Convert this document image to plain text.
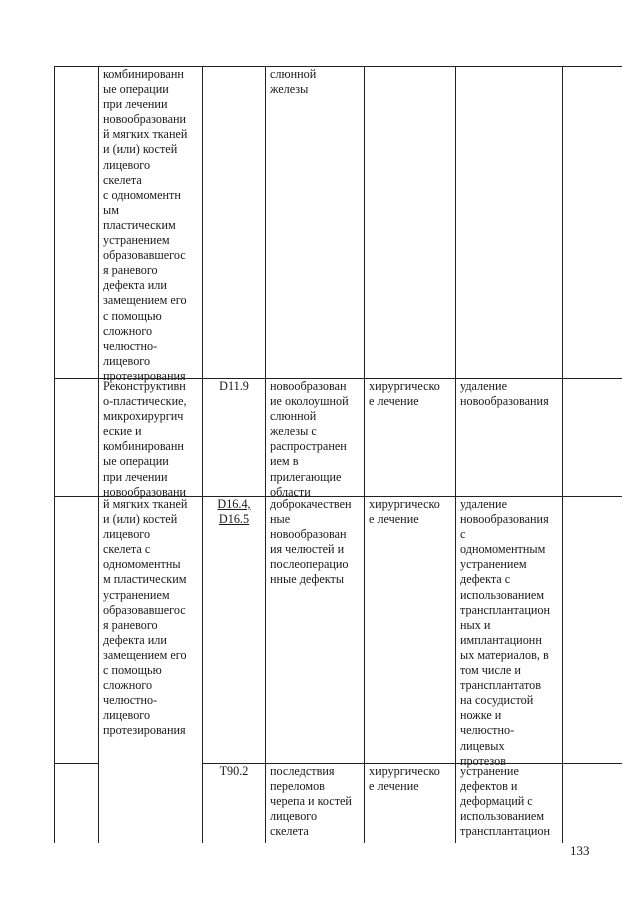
комбинированн
ые операции
при лечении
новообразовани
й мягких тканей
и (или) костей
лицевого
скелета
с одномоментн
ым
пластическим
устранением
образовавшегос
я раневого
дефекта или
замещением его
с помощью
сложного
челюстно-
лицевого
протезирования

слюнной
железы

Реконструктивн
о-пластические,
микрохирургич
еские и
комбинированн
ые операции
при лечении
новообразовани

D11.9	новообразован
ие околоушной
слюнной
железы с
распространен
ием в
прилегающие
области

хирургическо
е лечение

удаление
новообразования

й мягких тканей
и (или) костей
лицевого
скелета с
одномоментны
м пластическим
устранением
образовавшегос
я раневого
дефекта или
замещением его
с помощью
сложного
челюстно-
лицевого
протезирования

D16.4,
D16.5

доброкачествен
ные
новообразован
ия челюстей и
послеоперацио
нные дефекты

хирургическо
е лечение

удаление
новообразования
с
одномоментным
устранением
дефекта с
использованием
трансплантацион
ных и
имплантационн
ых материалов, в
том числе и
трансплантатов
на сосудистой
ножке и
челюстно-
лицевых
протезов

T90.2	последствия
переломов
черепа и костей
лицевого
скелета

хирургическо
е лечение

устранение
дефектов и
деформаций с
использованием
трансплантацион

133
